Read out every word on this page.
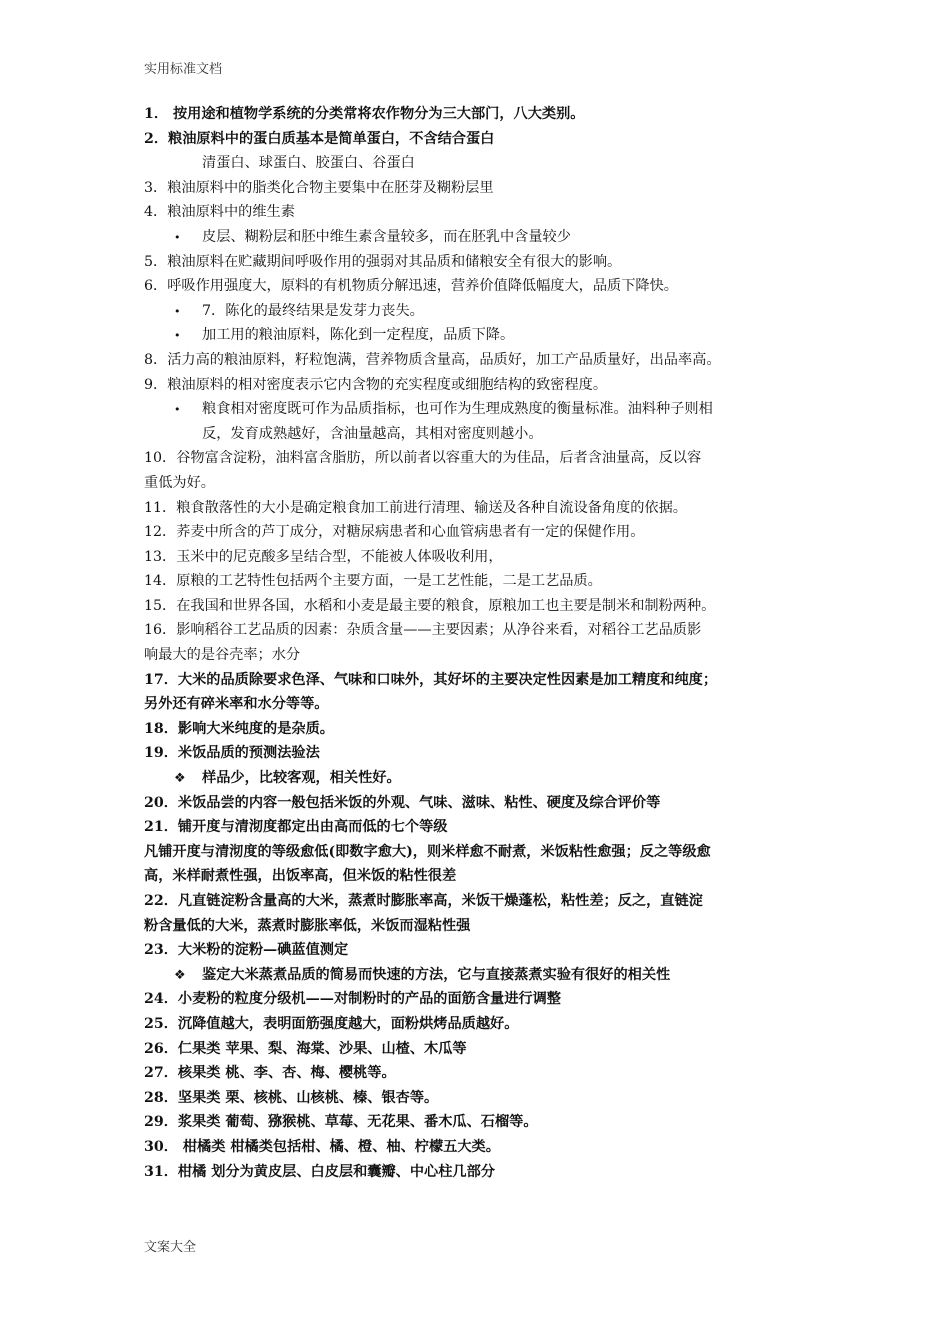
实用标准文档
1． 按用途和植物学系统的分类常将农作物分为三大部门，八大类别。
2．粮油原料中的蛋白质基本是简单蛋白，不含结合蛋白
清蛋白、球蛋白、胶蛋白、谷蛋白
3．粮油原料中的脂类化合物主要集中在胚芽及糊粉层里
4．粮油原料中的维生素
• 皮层、糊粉层和胚中维生素含量较多，而在胚乳中含量较少
5．粮油原料在贮藏期间呼吸作用的强弱对其品质和储粮安全有很大的影响。
6．呼吸作用强度大，原料的有机物质分解迅速，营养价值降低幅度大，品质下降快。
• 7．陈化的最终结果是发芽力丧失。
• 加工用的粮油原料，陈化到一定程度，品质下降。
8．活力高的粮油原料，籽粒饱满，营养物质含量高，品质好，加工产品质量好，出品率高。
9．粮油原料的相对密度表示它内含物的充实程度或细胞结构的致密程度。
• 粮食相对密度既可作为品质指标，也可作为生理成熟度的衡量标准。油料种子则相
反，发育成熟越好，含油量越高，其相对密度则越小。
10．谷物富含淀粉，油料富含脂肪，所以前者以容重大的为佳品，后者含油量高，反以容
重低为好。
11．粮食散落性的大小是确定粮食加工前进行清理、输送及各种自流设备角度的依据。
12．荞麦中所含的芦丁成分，对糖尿病患者和心血管病患者有一定的保健作用。
13．玉米中的尼克酸多呈结合型，不能被人体吸收利用，
14．原粮的工艺特性包括两个主要方面，一是工艺性能，二是工艺品质。
15．在我国和世界各国，水稻和小麦是最主要的粮食，原粮加工也主要是制米和制粉两种。
16．影响稻谷工艺品质的因素：杂质含量——主要因素；从净谷来看，对稻谷工艺品质影
响最大的是谷壳率；水分
17．大米的品质除要求色泽、气味和口味外，其好坏的主要决定性因素是加工精度和纯度；
另外还有碎米率和水分等等。
18．影响大米纯度的是杂质。
19．米饭品质的预测法验法
❖ 样品少，比较客观，相关性好。
20．米饭品尝的内容一般包括米饭的外观、气味、滋味、粘性、硬度及综合评价等
21．铺开度与清沏度都定出由高而低的七个等级
凡铺开度与清沏度的等级愈低(即数字愈大)，则米样愈不耐煮，米饭粘性愈强；反之等级愈
高，米样耐煮性强，出饭率高，但米饭的粘性很差
22．凡直链淀粉含量高的大米，蒸煮时膨胀率高，米饭干燥蓬松，粘性差；反之，直链淀
粉含量低的大米，蒸煮时膨胀率低，米饭而湿粘性强
23．大米粉的淀粉—碘蓝值测定
❖ 鉴定大米蒸煮品质的简易而快速的方法，它与直接蒸煮实验有很好的相关性
24．小麦粉的粒度分级机——对制粉时的产品的面筋含量进行调整
25．沉降值越大，表明面筋强度越大，面粉烘烤品质越好。
26．仁果类 苹果、梨、海棠、沙果、山楂、木瓜等
27．核果类 桃、李、杏、梅、樱桃等。
28．坚果类 栗、核桃、山核桃、榛、银杏等。
29．浆果类 葡萄、猕猴桃、草莓、无花果、番木瓜、石榴等。
30． 柑橘类 柑橘类包括柑、橘、橙、柚、柠檬五大类。
31．柑橘 划分为黄皮层、白皮层和囊瓣、中心柱几部分
文案大全
